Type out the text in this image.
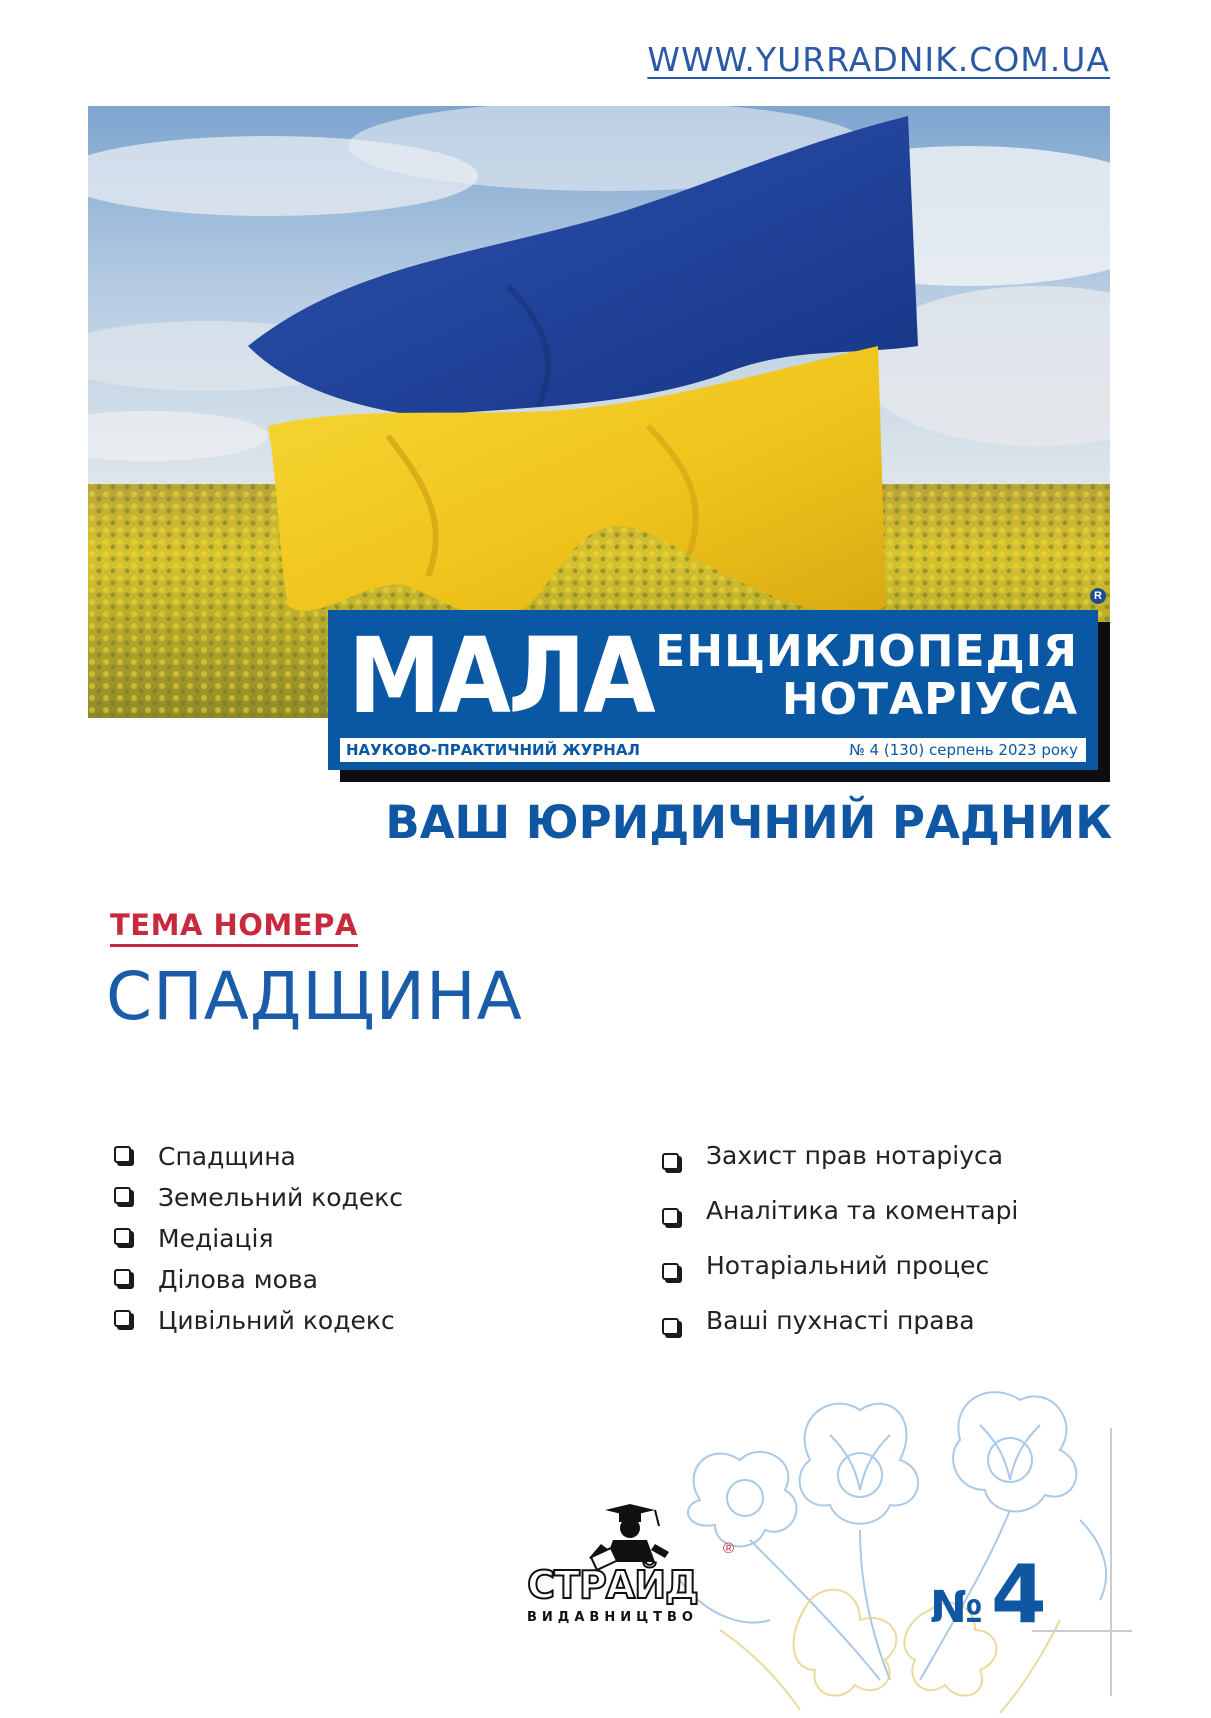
WWW.YURRADNIK.COM.UA
МАЛА ЕНЦИКЛОПЕДІЯ
НОТАРІУСА
НАУКОВО-ПРАКТИЧНИЙ ЖУРНАЛ	№ 4 (130) серпень 2023 року
R
ВАШ ЮРИДИЧНИЙ РАДНИК
ТЕМА НОМЕРА
СПАДЩИНА
Спадщина
Земельний кодекс
Медіація
Ділова мова
Цивільний кодекс
Захист прав нотаріуса
Аналітика та коментарі
Нотаріальний процес
Ваші пухнасті права
СТРАЙД
ВИДАВНИЦТВО
®
№ 4
